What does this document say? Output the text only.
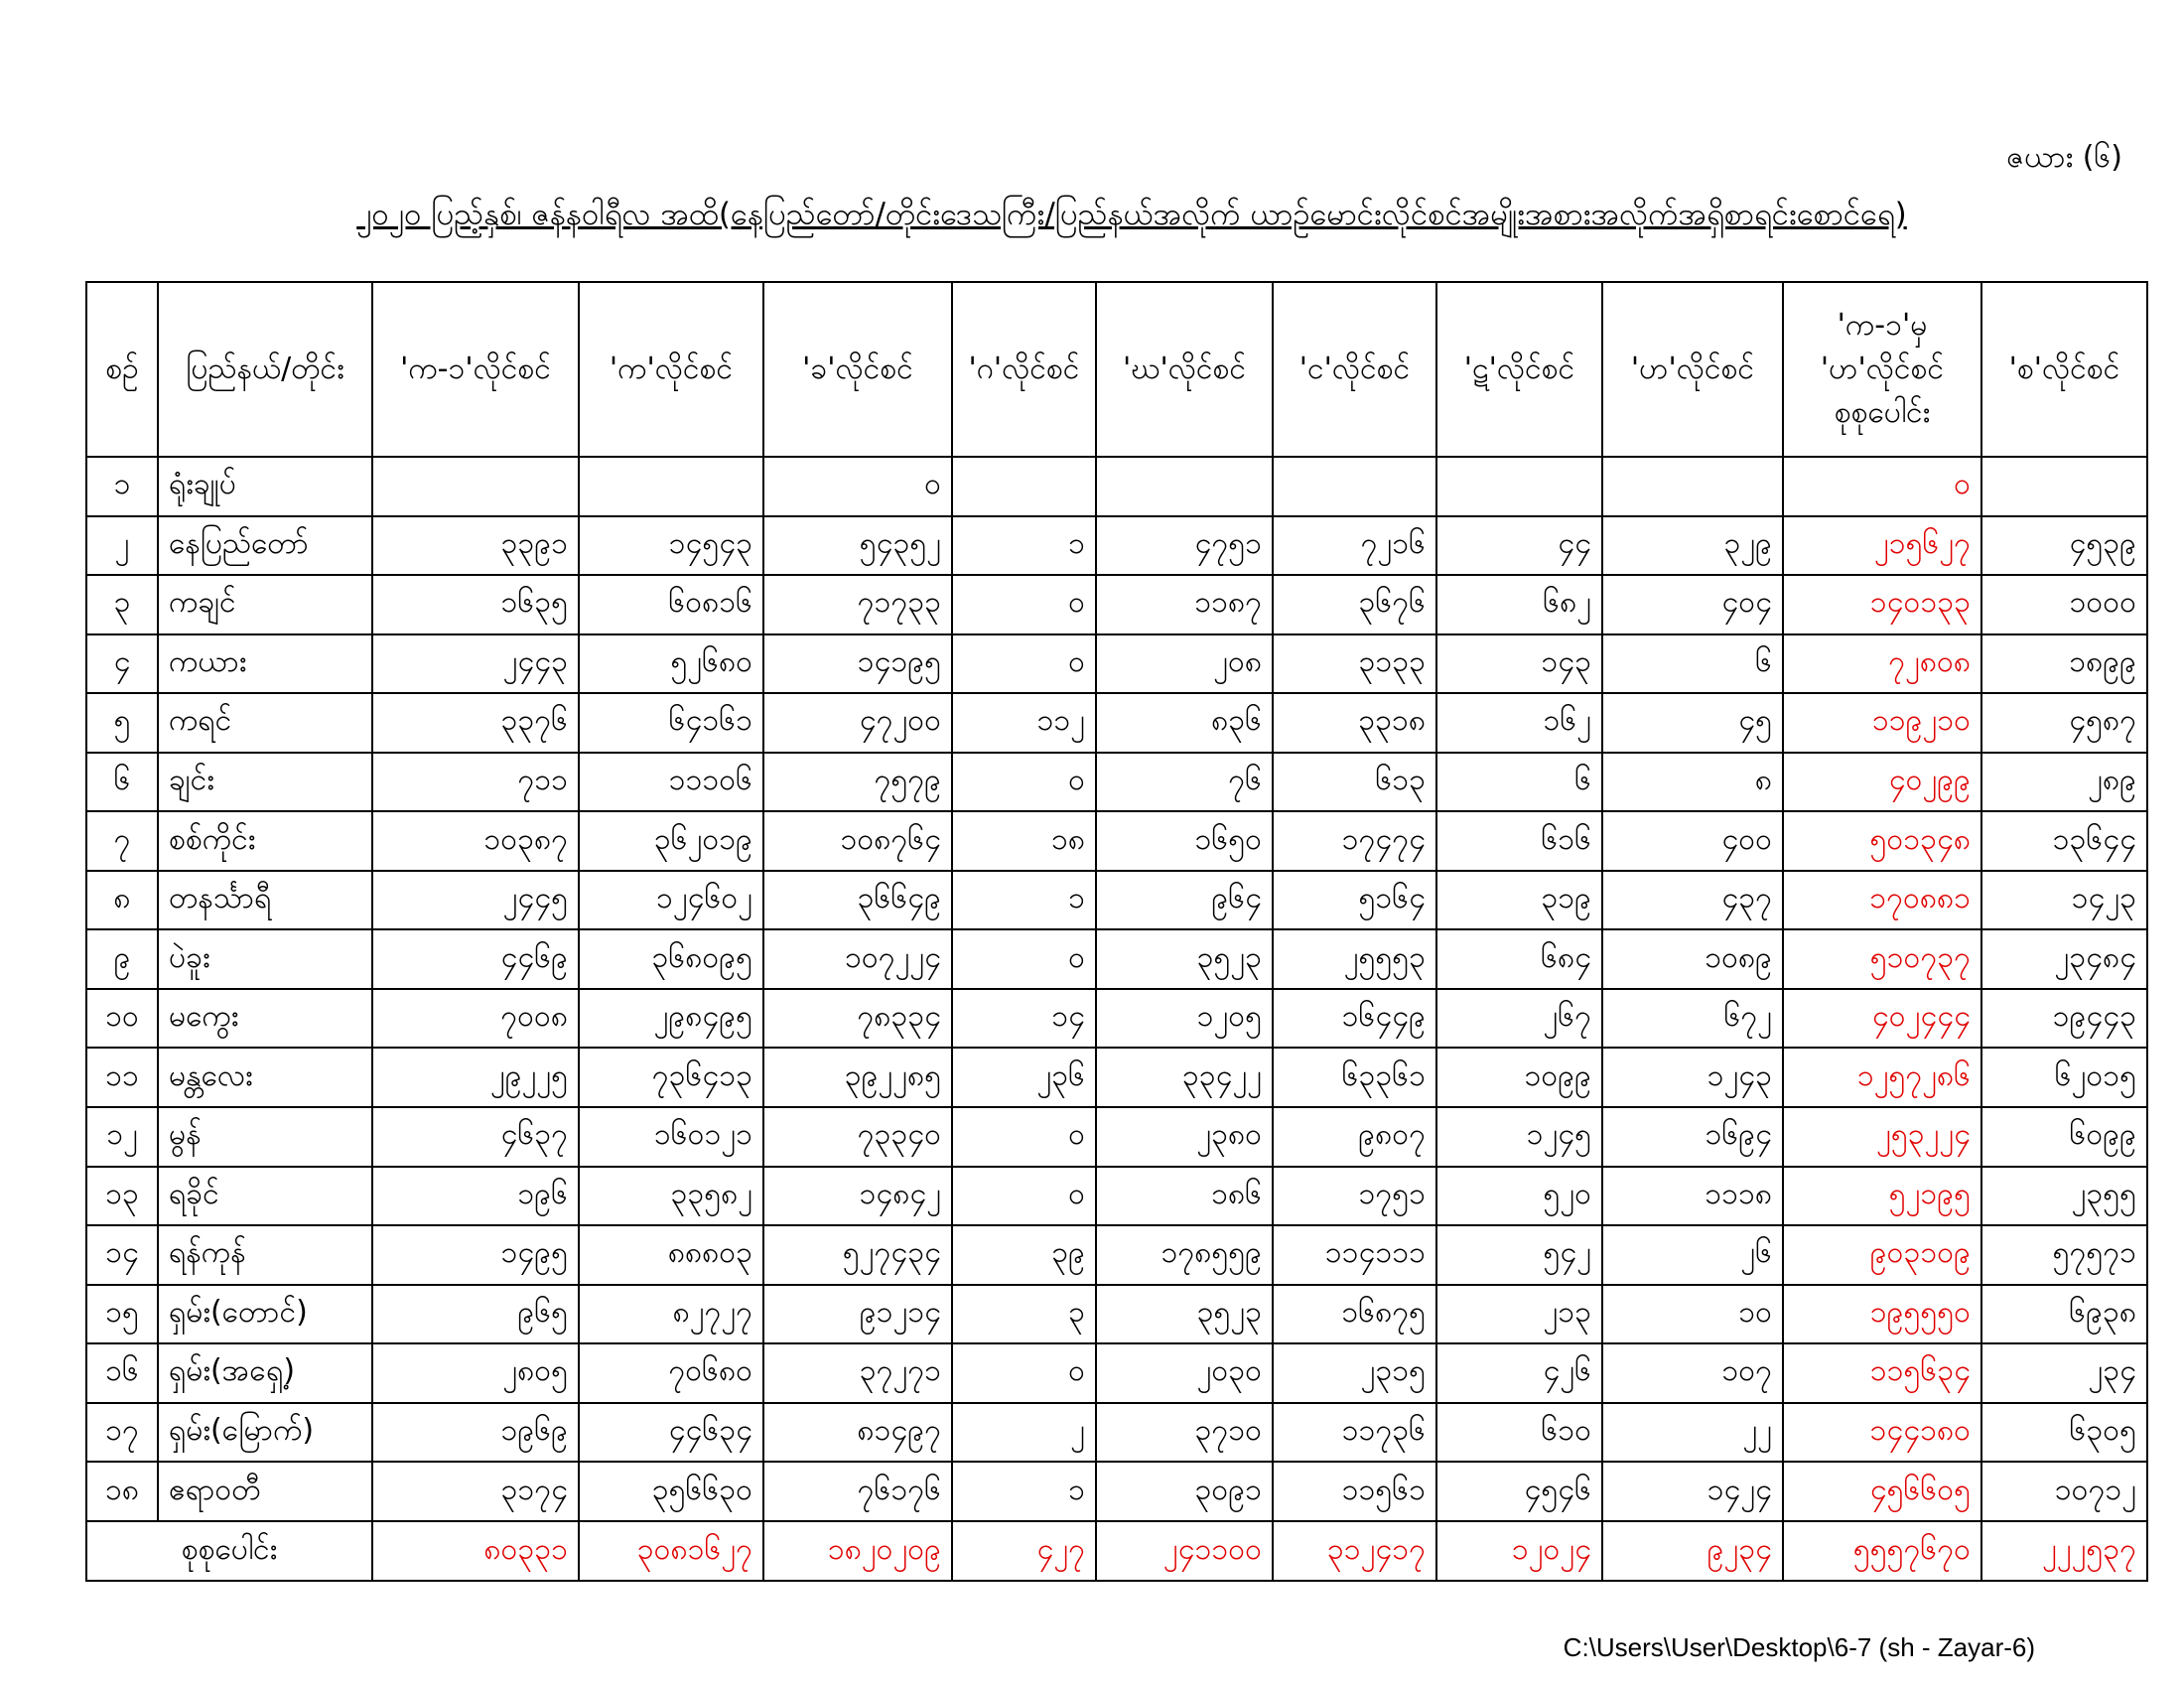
ဇယား (၆)
၂၀၂၀ ပြည့်နှစ်၊ ဇန်နဝါရီလ အထိ(နေပြည်တော်/တိုင်းဒေသကြီး/ပြည်နယ်အလိုက် ယာဉ်မောင်းလိုင်စင်အမျိုးအစားအလိုက်အရှိစာရင်းစောင်ရေ)
စဉ်	ပြည်နယ်/တိုင်း	'က-၁'လိုင်စင်	'က'လိုင်စင်	'ခ'လိုင်စင်	'ဂ'လိုင်စင်	'ဃ'လိုင်စင်	'င'လိုင်စင်	'ဋ'လိုင်စင်	'ဟ'လိုင်စင်	'က-၁'မှ 'ဟ'လိုင်စင် စုစုပေါင်း	'စ'လိုင်စင်
၁	ရုံးချုပ်			၀						၀	
၂	နေပြည်တော်	၃၃၉၁	၁၄၅၄၃	၅၄၃၅၂	၁	၄၇၅၁	၇၂၁၆	၄၄	၃၂၉	၂၁၅၆၂၇	၄၅၃၉
၃	ကချင်	၁၆၃၅	၆၀၈၁၆	၇၁၇၃၃	၀	၁၁၈၇	၃၆၇၆	၆၈၂	၄၀၄	၁၄၀၁၃၃	၁၀၀၀
၄	ကယား	၂၄၄၃	၅၂၆၈၀	၁၄၁၉၅	၀	၂၀၈	၃၁၃၃	၁၄၃	၆	၇၂၈၀၈	၁၈၉၉
၅	ကရင်	၃၃၇၆	၆၄၁၆၁	၄၇၂၀၀	၁၁၂	၈၃၆	၃၃၁၈	၁၆၂	၄၅	၁၁၉၂၁၀	၄၅၈၇
၆	ချင်း	၇၁၁	၁၁၁၀၆	၇၅၇၉	၀	၇၆	၆၁၃	၆	၈	၄၀၂၉၉	၂၈၉
၇	စစ်ကိုင်း	၁၀၃၈၇	၃၆၂၀၁၉	၁၀၈၇၆၄	၁၈	၁၆၅၀	၁၇၄၇၄	၆၁၆	၄၀၀	၅၀၁၃၄၈	၁၃၆၄၄
၈	တနင်္သာရီ	၂၄၄၅	၁၂၄၆၀၂	၃၆၆၄၉	၁	၉၆၄	၅၁၆၄	၃၁၉	၄၃၇	၁၇၀၈၈၁	၁၄၂၃
၉	ပဲခူး	၄၄၆၉	၃၆၈၀၉၅	၁၀၇၂၂၄	၀	၃၅၂၃	၂၅၅၅၃	၆၈၄	၁၀၈၉	၅၁၀၇၃၇	၂၃၄၈၄
၁၀	မကွေး	၇၀၀၈	၂၉၈၄၉၅	၇၈၃၃၄	၁၄	၁၂၀၅	၁၆၄၄၉	၂၆၇	၆၇၂	၄၀၂၄၄၄	၁၉၄၄၃
၁၁	မန္တလေး	၂၉၂၂၅	၇၃၆၄၁၃	၃၉၂၂၈၅	၂၃၆	၃၃၄၂၂	၆၃၃၆၁	၁၀၉၉	၁၂၄၃	၁၂၅၇၂၈၆	၆၂၀၁၅
၁၂	မွန်	၄၆၃၇	၁၆၀၁၂၁	၇၃၃၄၀	၀	၂၃၈၀	၉၈၀၇	၁၂၄၅	၁၆၉၄	၂၅၃၂၂၄	၆၀၉၉
၁၃	ရခိုင်	၁၉၆	၃၃၅၈၂	၁၄၈၄၂	၀	၁၈၆	၁၇၅၁	၅၂၀	၁၁၁၈	၅၂၁၉၅	၂၃၅၅
၁၄	ရန်ကုန်	၁၄၉၅	၈၈၈၀၃	၅၂၇၄၃၄	၃၉	၁၇၈၅၅၉	၁၁၄၁၁၁	၅၄၂	၂၆	၉၀၃၁၀၉	၅၇၅၇၁
၁၅	ရှမ်း(တောင်)	၉၆၅	၈၂၇၂၇	၉၁၂၁၄	၃	၃၅၂၃	၁၆၈၇၅	၂၁၃	၁၀	၁၉၅၅၅၀	၆၉၃၈
၁၆	ရှမ်း(အရှေ့)	၂၈၀၅	၇၀၆၈၀	၃၇၂၇၁	၀	၂၀၃၀	၂၃၁၅	၄၂၆	၁၀၇	၁၁၅၆၃၄	၂၃၄
၁၇	ရှမ်း(မြောက်)	၁၉၆၉	၄၄၆၃၄	၈၁၄၉၇	၂	၃၇၁၀	၁၁၇၃၆	၆၁၀	၂၂	၁၄၄၁၈၀	၆၃၀၅
၁၈	ဧရာဝတီ	၃၁၇၄	၃၅၆၆၃၀	၇၆၁၇၆	၁	၃၀၉၁	၁၁၅၆၁	၄၅၄၆	၁၄၂၄	၄၅၆၆၀၅	၁၀၇၁၂
စုစုပေါင်း		၈၀၃၃၁	၃၀၈၁၆၂၇	၁၈၂၀၂၀၉	၄၂၇	၂၄၁၁၀၀	၃၁၂၄၁၇	၁၂၀၂၄	၉၂၃၄	၅၅၅၇၆၇၀	၂၂၂၅၃၇
C:\Users\User\Desktop\6-7 (sh - Zayar-6)
